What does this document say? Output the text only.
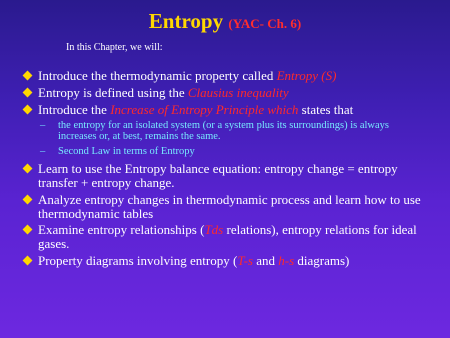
Entropy (YAC- Ch. 6)
In this Chapter, we will:
Introduce the thermodynamic property called Entropy (S)
Entropy is defined using the Clausius inequality
Introduce the Increase of Entropy Principle which states that
–	the entropy for an isolated system (or a system plus its surroundings) is always increases or, at best, remains the same.
–	Second Law in terms of Entropy
Learn to use the Entropy balance equation: entropy change = entropy transfer + entropy change.
Analyze entropy changes in thermodynamic process and learn how to use thermodynamic tables
Examine entropy relationships (Tds relations), entropy relations for ideal gases.
Property diagrams involving entropy (T-s and h-s diagrams)
